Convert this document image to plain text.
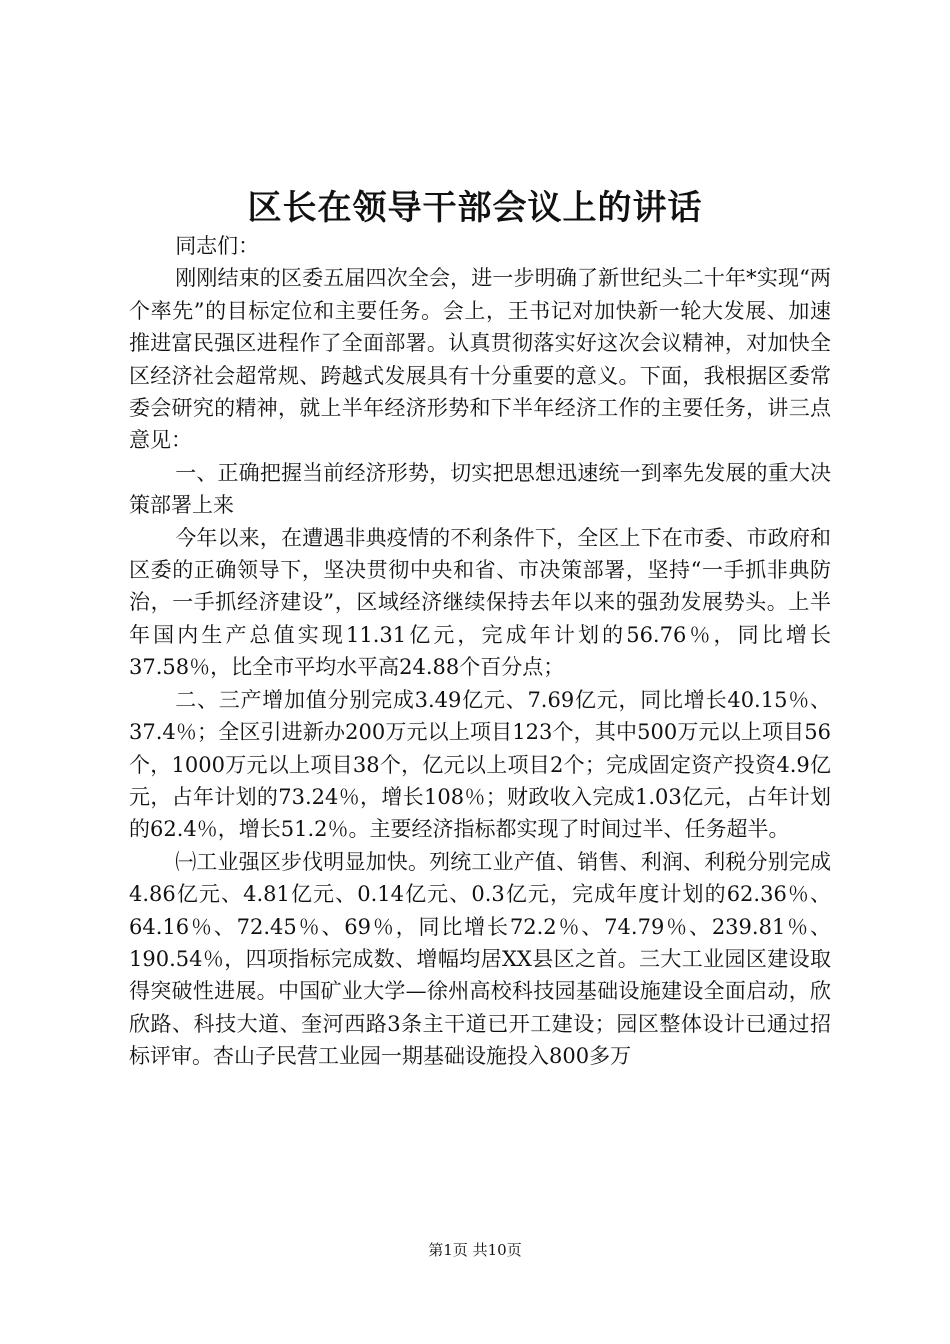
区长在领导干部会议上的讲话

同志们：

刚刚结束的区委五届四次全会，进一步明确了新世纪头二十年*实现“两个率先”的目标定位和主要任务。会上，王书记对加快新一轮大发展、加速推进富民强区进程作了全面部署。认真贯彻落实好这次会议精神，对加快全区经济社会超常规、跨越式发展具有十分重要的意义。下面，我根据区委常委会研究的精神，就上半年经济形势和下半年经济工作的主要任务，讲三点意见：

一、正确把握当前经济形势，切实把思想迅速统一到率先发展的重大决策部署上来

今年以来，在遭遇非典疫情的不利条件下，全区上下在市委、市政府和区委的正确领导下，坚决贯彻中央和省、市决策部署，坚持“一手抓非典防治，一手抓经济建设”，区域经济继续保持去年以来的强劲发展势头。上半年国内生产总值实现11.31亿元，完成年计划的56.76％，同比增长37.58％，比全市平均水平高24.88个百分点；

二、三产增加值分别完成3.49亿元、7.69亿元，同比增长40.15％、37.4％；全区引进新办200万元以上项目123个，其中500万元以上项目56个，1000万元以上项目38个，亿元以上项目2个；完成固定资产投资4.9亿元，占年计划的73.24％，增长108％；财政收入完成1.03亿元，占年计划的62.4％，增长51.2％。主要经济指标都实现了时间过半、任务超半。

㈠工业强区步伐明显加快。列统工业产值、销售、利润、利税分别完成4.86亿元、4.81亿元、0.14亿元、0.3亿元，完成年度计划的62.36％、64.16％、72.45％、69％，同比增长72.2％、74.79％、239.81％、190.54％，四项指标完成数、增幅均居XX县区之首。三大工业园区建设取得突破性进展。中国矿业大学—徐州高校科技园基础设施建设全面启动，欣欣路、科技大道、奎河西路3条主干道已开工建设；园区整体设计已通过招标评审。杏山子民营工业园一期基础设施投入800多万

第1页 共10页
